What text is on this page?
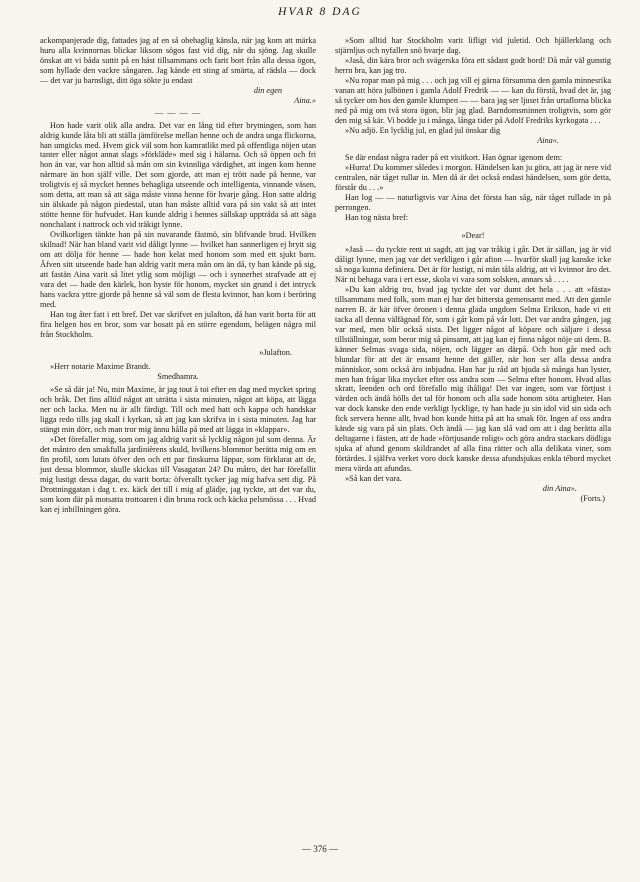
HVAR 8 DAG

ackompanjerade dig, fattades jag af en så obehaglig känsla, när jag kom att märka huru alla kvinnornas blickar liksom sögos fast vid dig, när du sjöng. Jag skulle önskat att vi båda suttit på en häst tillsammans och farit bort från alla dessa ögon, som hyllade den vackre sångaren. Jag kände ett sting af smärta, af rädsla — dock — det var ju barnsligt, ditt öga sökte ju endast

din egen
Aina.»
— — — —

Hon hade varit olik alla andra. Det var en lång tid efter brytningen, som han aldrig kunde låta bli att ställa jämförelse mellan henne och de andra unga flickorna, han umgicks med. Hvem gick väl som hon kamratlikt med på offentliga nöjen utan tanter eller något annat slags »förkläde» med sig i hälarna. Och så öppen och fri hon än var, var hon alltid så mån om sin kvinnliga värdighet, att ingen kom henne närmare än hon själf ville. Det som gjorde, att man ej trött nade på henne, var troligtvis ej så mycket hennes behagliga utseende och intelligenta, vinnande väsen, som detta, att man så att säga måste vinna henne för hvarje gång. Hon satte aldrig sin älskade på någon piedestal, utan han måste alltid vara på sin vakt så att intet stötte henne för hufvudet. Han kunde aldrig i hennes sällskap uppträda så att säga nonchalant i nattrock och vid träkigt lynne.

Ovilkorligen tänkte han på sin nuvarande fästmö, sin blifvande brud. Hvilken skilnad! När han bland varit vid dåligt lynne — hvilket han sannerligen ej brytt sig om att dölja för henne — hade hon kelat med honom som med ett sjukt barn. Äfven sitt utseende hade han aldrig varit mera mån om än då, ty han kände på sig, att fastän Aina varit så litet ytlig som möjligt — och i synnerhet strafvade att ej vara det — hade den kärlek, hon hyste för honom, mycket sin grund i det intryck hans vackra yttre gjorde på henne så väl som de flesta kvinnor, han kom i beröring med.

Han tog åter fatt i ett bref. Det var skrifvet en julafton, då han varit borta för att fira helgen hos en bror, som var bosatt på en större egendom, belägen några mil från Stockholm.

»Julafton.

»Herr notarie Maxime Brandt.

Smedhamra.

»Se så där ja! Nu, min Maxime, är jag tout à toi efter en dag med mycket spring och bråk. Det fins alltid något att uträtta i sista minuten, något att köpa, att lägga ner och lacka. Men nu är allt färdigt. Till och med hatt och kappa och handskar ligga redo tills jag skall i kyrkan, så att jag kan skrifva in i sista minuten. Jag har stängt min dörr, och man tror mig ännu hålla på med att lägga in »klappar».

»Det förefaller mig, som om jag aldrig varit så lycklig någon jul som denna. Är det måntro den smakfulla jardinièrens skuld, hvilkens blommor berätta mig om en fin profil, som lutats öfver den och ett par finskurna läppar, som förklarat att de, just dessa blommor, skulle skickas till Vasagatan 24? Du måtro, det har förefallit mig lustigt dessa dagar, du varit borta: öfverallt tycker jag mig hafva sett dig. På Drottninggatan i dag t. ex. käck det till i mig af glädje, jag tyckte, att det var du, som kom där på motsatta trottoaren i din bruna rock och käcka pelsmössa . . . Hvad kan ej inbillningen göra.

»Som alltid har Stockholm varit lifligt vid juletid. Och bjällerklang och stjärnljus och nyfallen snö hvarje dag.

»Jaså, din kära bror och svägerska föra ett sådant godt bord! Då mår väl gunstig herrn bra, kan jag tro.

»Nu ropar man på mig . . . och jag vill ej gärna försumma den gamla minnesrika vanan att höra julbönen i gamla Adolf Fredrik — — kan du förstå, hvad det är, jag så tycker om hos den gamle klumpen — — bara jag ser ljuset från urtaflorna blicka ned på mig om två stora ögon, blir jag glad. Barndomsminnen troligtvis, som gör den mig så kär. Vi bodde ju i många, långa tider på Adolf Fredriks kyrkogata . . .

»Nu adjö. En lycklig jul, en glad jul önskar dig

Aina«.

Se där endast några rader på ett visitkort. Han ögnar igenom dem:

»Hurra! Du kommer således i morgon. Händelsen kan ju göra, att jag är nere vid centralen, när tåget rullar in. Men då är det också endast händelsen, som gör detta, förstår du . . .»

Han log — — naturligtvis var Aina det första han såg, när tåget rullade in på perrongen.

Han tog nästa bref:

»Dear!

»Jaså — du tyckte rent ut sagdt, att jag var tråkig i går. Det är sällan, jag är vid dåligt lynne, men jag var det verkligen i går afton — hvarför skall jag kanske icke så noga kunna definiera. Det är för lustigt, ni män tåla aldrig, att vi kvinnor äro det. När ni behaga vara i ert esse, skola vi vara som solsken, annars så . . . .

»Du kan aldrig tro, hvad jag tyckte det var dumt det hela . . . att »fästa» tillsammans med folk, som man ej har det bittersta gemensamt med. Att den gamle narren B. är kär öfver öronen i denna glada ungdom Selma Erikson, hade vi ett tacka all denna välfägnad för, som i går kom på vår lott. Det var andra gången, jag var med, men blir också sista. Det ligger något af köpare och säljare i dessa tillställningar, som beror mig så pinsamt, att jag kan ej finna något nöje uti dem. B. känner Selmas svaga sida, nöjen, och lägger an därpå. Och hon går med och blundar för att det är ensamt henne det gäller, när hon ser alla dessa andra människor, som också äro inbjudna. Han har ju råd att bjuda så många han lyster, men han frågar lika mycket efter oss andra som — Selma efter honom. Hvad allas skratt, leenden och ord förefallo mig ihåliga! Det var ingen, som var förtjust i värden och ändå hölls det tal för honom och alla sade honom söta artigheter. Han var dock kanske den ende verkligt lycklige, ty han hade ju sin idol vid sin sida och fick servera henne allt, hvad hon kunde hitta på att ha smak för. Ingen af oss andra kände sig vara på sin plats. Och ändå — jag kan slå vad om att i dag berätta alla deltagarne i fästen, att de hade »förtjusande roligt» och göra andra stackars dödliga sjuka af afund genom skildrandet af alla fina rätter och alla delikata viner, som förtärdes. I själfva verket voro dock kanske dessa afundsjukas enkla tébord mycket mera värda att afundas.

»Så kan det vara.

din Aina».
(Forts.)
— 376 —
